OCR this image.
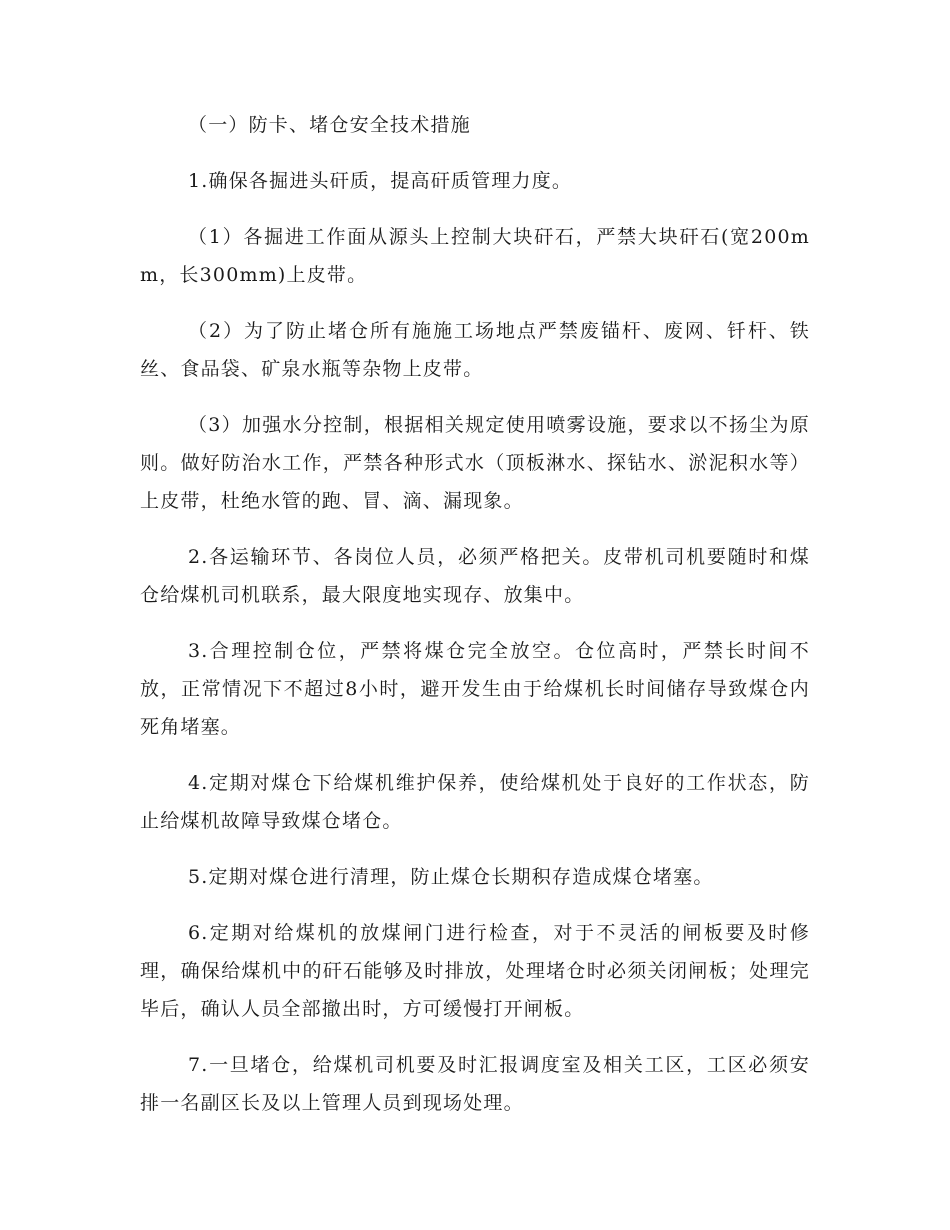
（一）防卡、堵仓安全技术措施

1.确保各掘进头矸质，提高矸质管理力度。

（1）各掘进工作面从源头上控制大块矸石，严禁大块矸石(宽200mm，长300mm)上皮带。

（2）为了防止堵仓所有施施工场地点严禁废锚杆、废网、钎杆、铁丝、食品袋、矿泉水瓶等杂物上皮带。

（3）加强水分控制，根据相关规定使用喷雾设施，要求以不扬尘为原则。做好防治水工作，严禁各种形式水（顶板淋水、探钻水、淤泥积水等）上皮带，杜绝水管的跑、冒、滴、漏现象。

2.各运输环节、各岗位人员，必须严格把关。皮带机司机要随时和煤仓给煤机司机联系，最大限度地实现存、放集中。

3.合理控制仓位，严禁将煤仓完全放空。仓位高时，严禁长时间不放，正常情况下不超过8小时，避开发生由于给煤机长时间储存导致煤仓内死角堵塞。

4.定期对煤仓下给煤机维护保养，使给煤机处于良好的工作状态，防止给煤机故障导致煤仓堵仓。

5.定期对煤仓进行清理，防止煤仓长期积存造成煤仓堵塞。

6.定期对给煤机的放煤闸门进行检查，对于不灵活的闸板要及时修理，确保给煤机中的矸石能够及时排放，处理堵仓时必须关闭闸板；处理完毕后，确认人员全部撤出时，方可缓慢打开闸板。

7.一旦堵仓，给煤机司机要及时汇报调度室及相关工区，工区必须安排一名副区长及以上管理人员到现场处理。
